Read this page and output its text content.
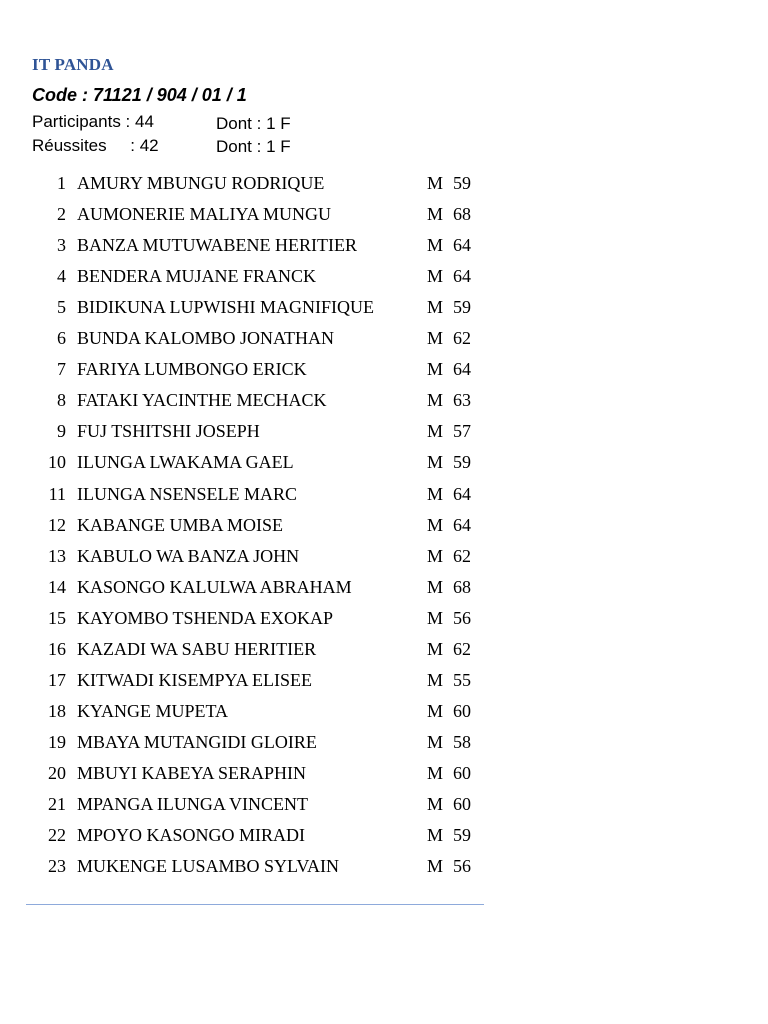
IT PANDA
Code : 71121 / 904 / 01 / 1
Participants : 44	Dont : 1 F
Réussites     : 42	Dont : 1 F
1 AMURY MBUNGU RODRIQUE	M 59
2 AUMONERIE MALIYA MUNGU	M 68
3 BANZA MUTUWABENE HERITIER	M 64
4 BENDERA MUJANE FRANCK	M 64
5 BIDIKUNA LUPWISHI MAGNIFIQUE	M 59
6 BUNDA KALOMBO JONATHAN	M 62
7 FARIYA LUMBONGO ERICK	M 64
8 FATAKI YACINTHE MECHACK	M 63
9 FUJ TSHITSHI JOSEPH	M 57
10 ILUNGA LWAKAMA GAEL	M 59
11 ILUNGA NSENSELE MARC	M 64
12 KABANGE UMBA MOISE	M 64
13 KABULO WA BANZA JOHN	M 62
14 KASONGO KALULWA ABRAHAM	M 68
15 KAYOMBO TSHENDA EXOKAP	M 56
16 KAZADI WA SABU HERITIER	M 62
17 KITWADI KISEMPYA ELISEE	M 55
18 KYANGE MUPETA	M 60
19 MBAYA MUTANGIDI GLOIRE	M 58
20 MBUYI KABEYA SERAPHIN	M 60
21 MPANGA ILUNGA VINCENT	M 60
22 MPOYO KASONGO MIRADI	M 59
23 MUKENGE LUSAMBO SYLVAIN	M 56
